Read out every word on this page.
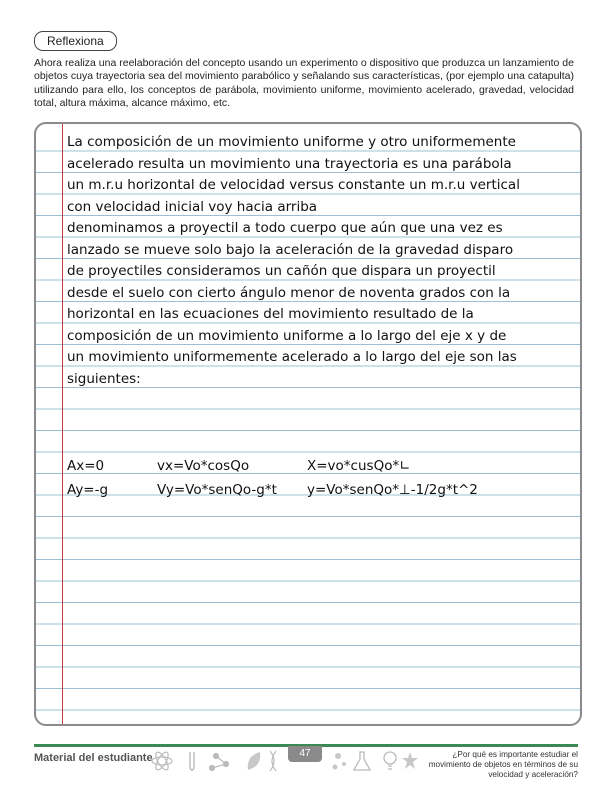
Reflexiona

Ahora realiza una reelaboración del concepto usando un experimento o dispositivo que produzca un lanzamiento de objetos cuya trayectoria sea del movimiento parabólico y señalando sus características, (por ejemplo una catapulta) utilizando para ello, los conceptos de parábola, movimiento uniforme, movimiento acelerado, gravedad, velocidad total, altura máxima, alcance máximo, etc.

La composición de un movimiento uniforme y otro uniformemente acelerado resulta un movimiento una trayectoria es una parábola un m.r.u horizontal de velocidad versus constante un m.r.u vertical con velocidad inicial voy hacia arriba

denominamos a proyectil a todo cuerpo que aún que una vez es lanzado se mueve solo bajo la aceleración de la gravedad disparo de proyectiles consideramos un cañón que dispara un proyectil desde el suelo con cierto ángulo menor de noventa grados con la horizontal en las ecuaciones del movimiento resultado de la composición de un movimiento uniforme a lo largo del eje x y de un movimiento uniformemente acelerado a lo largo del eje son las siguientes:

Ax=0	vx=Vo*cosQo	X=vo*cusQo*∟
Ay=-g	Vy=Vo*senQo-g*t y=Vo*senQo*⊥-1/2g*t^2
Material del estudiante	47	¿Por qué es importante estudiar el movimiento de objetos en términos de su velocidad y aceleración?
